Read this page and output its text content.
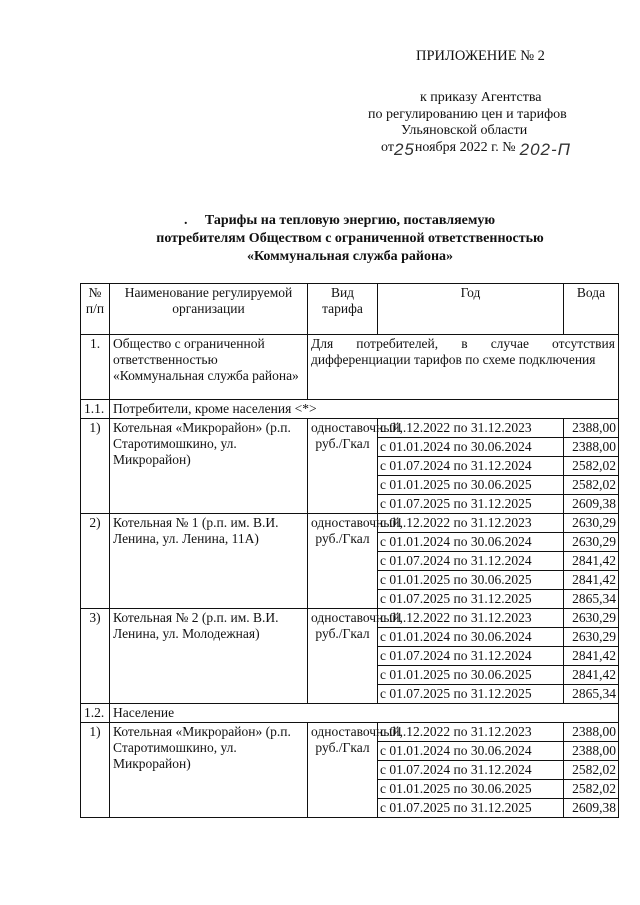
ПРИЛОЖЕНИЕ № 2
к приказу Агентства
по регулированию цен и тарифов
Ульяновской области
от 25 ноября 2022 г. № 202-П
.	Тарифы на тепловую энергию, поставляемую
потребителям Обществом с ограниченной ответственностью
«Коммунальная служба района»
№ п/п	Наименование регулируемой организации	Вид тарифа	Год	Вода
1.	Общество с ограниченной ответственностью «Коммунальная служба района»	Для потребителей, в случае отсутствия дифференциации тарифов по схеме подключения		
1.1.	Потребители, кроме населения <*>			
1)	Котельная «Микрорайон» (р.п. Старотимошкино, ул. Микрорайон)	одноставочный, руб./Гкал	с 01.12.2022 по 31.12.2023	2388,00
			с 01.01.2024 по 30.06.2024	2388,00
			с 01.07.2024 по 31.12.2024	2582,02
			с 01.01.2025 по 30.06.2025	2582,02
			с 01.07.2025 по 31.12.2025	2609,38
2)	Котельная № 1 (р.п. им. В.И. Ленина, ул. Ленина, 11А)	одноставочный, руб./Гкал	с 01.12.2022 по 31.12.2023	2630,29
			с 01.01.2024 по 30.06.2024	2630,29
			с 01.07.2024 по 31.12.2024	2841,42
			с 01.01.2025 по 30.06.2025	2841,42
			с 01.07.2025 по 31.12.2025	2865,34
3)	Котельная № 2 (р.п. им. В.И. Ленина, ул. Молодежная)	одноставочный, руб./Гкал	с 01.12.2022 по 31.12.2023	2630,29
			с 01.01.2024 по 30.06.2024	2630,29
			с 01.07.2024 по 31.12.2024	2841,42
			с 01.01.2025 по 30.06.2025	2841,42
			с 01.07.2025 по 31.12.2025	2865,34
1.2.	Население			
1)	Котельная «Микрорайон» (р.п. Старотимошкино, ул. Микрорайон)	одноставочный, руб./Гкал	с 01.12.2022 по 31.12.2023	2388,00
			с 01.01.2024 по 30.06.2024	2388,00
			с 01.07.2024 по 31.12.2024	2582,02
			с 01.01.2025 по 30.06.2025	2582,02
			с 01.07.2025 по 31.12.2025	2609,38
